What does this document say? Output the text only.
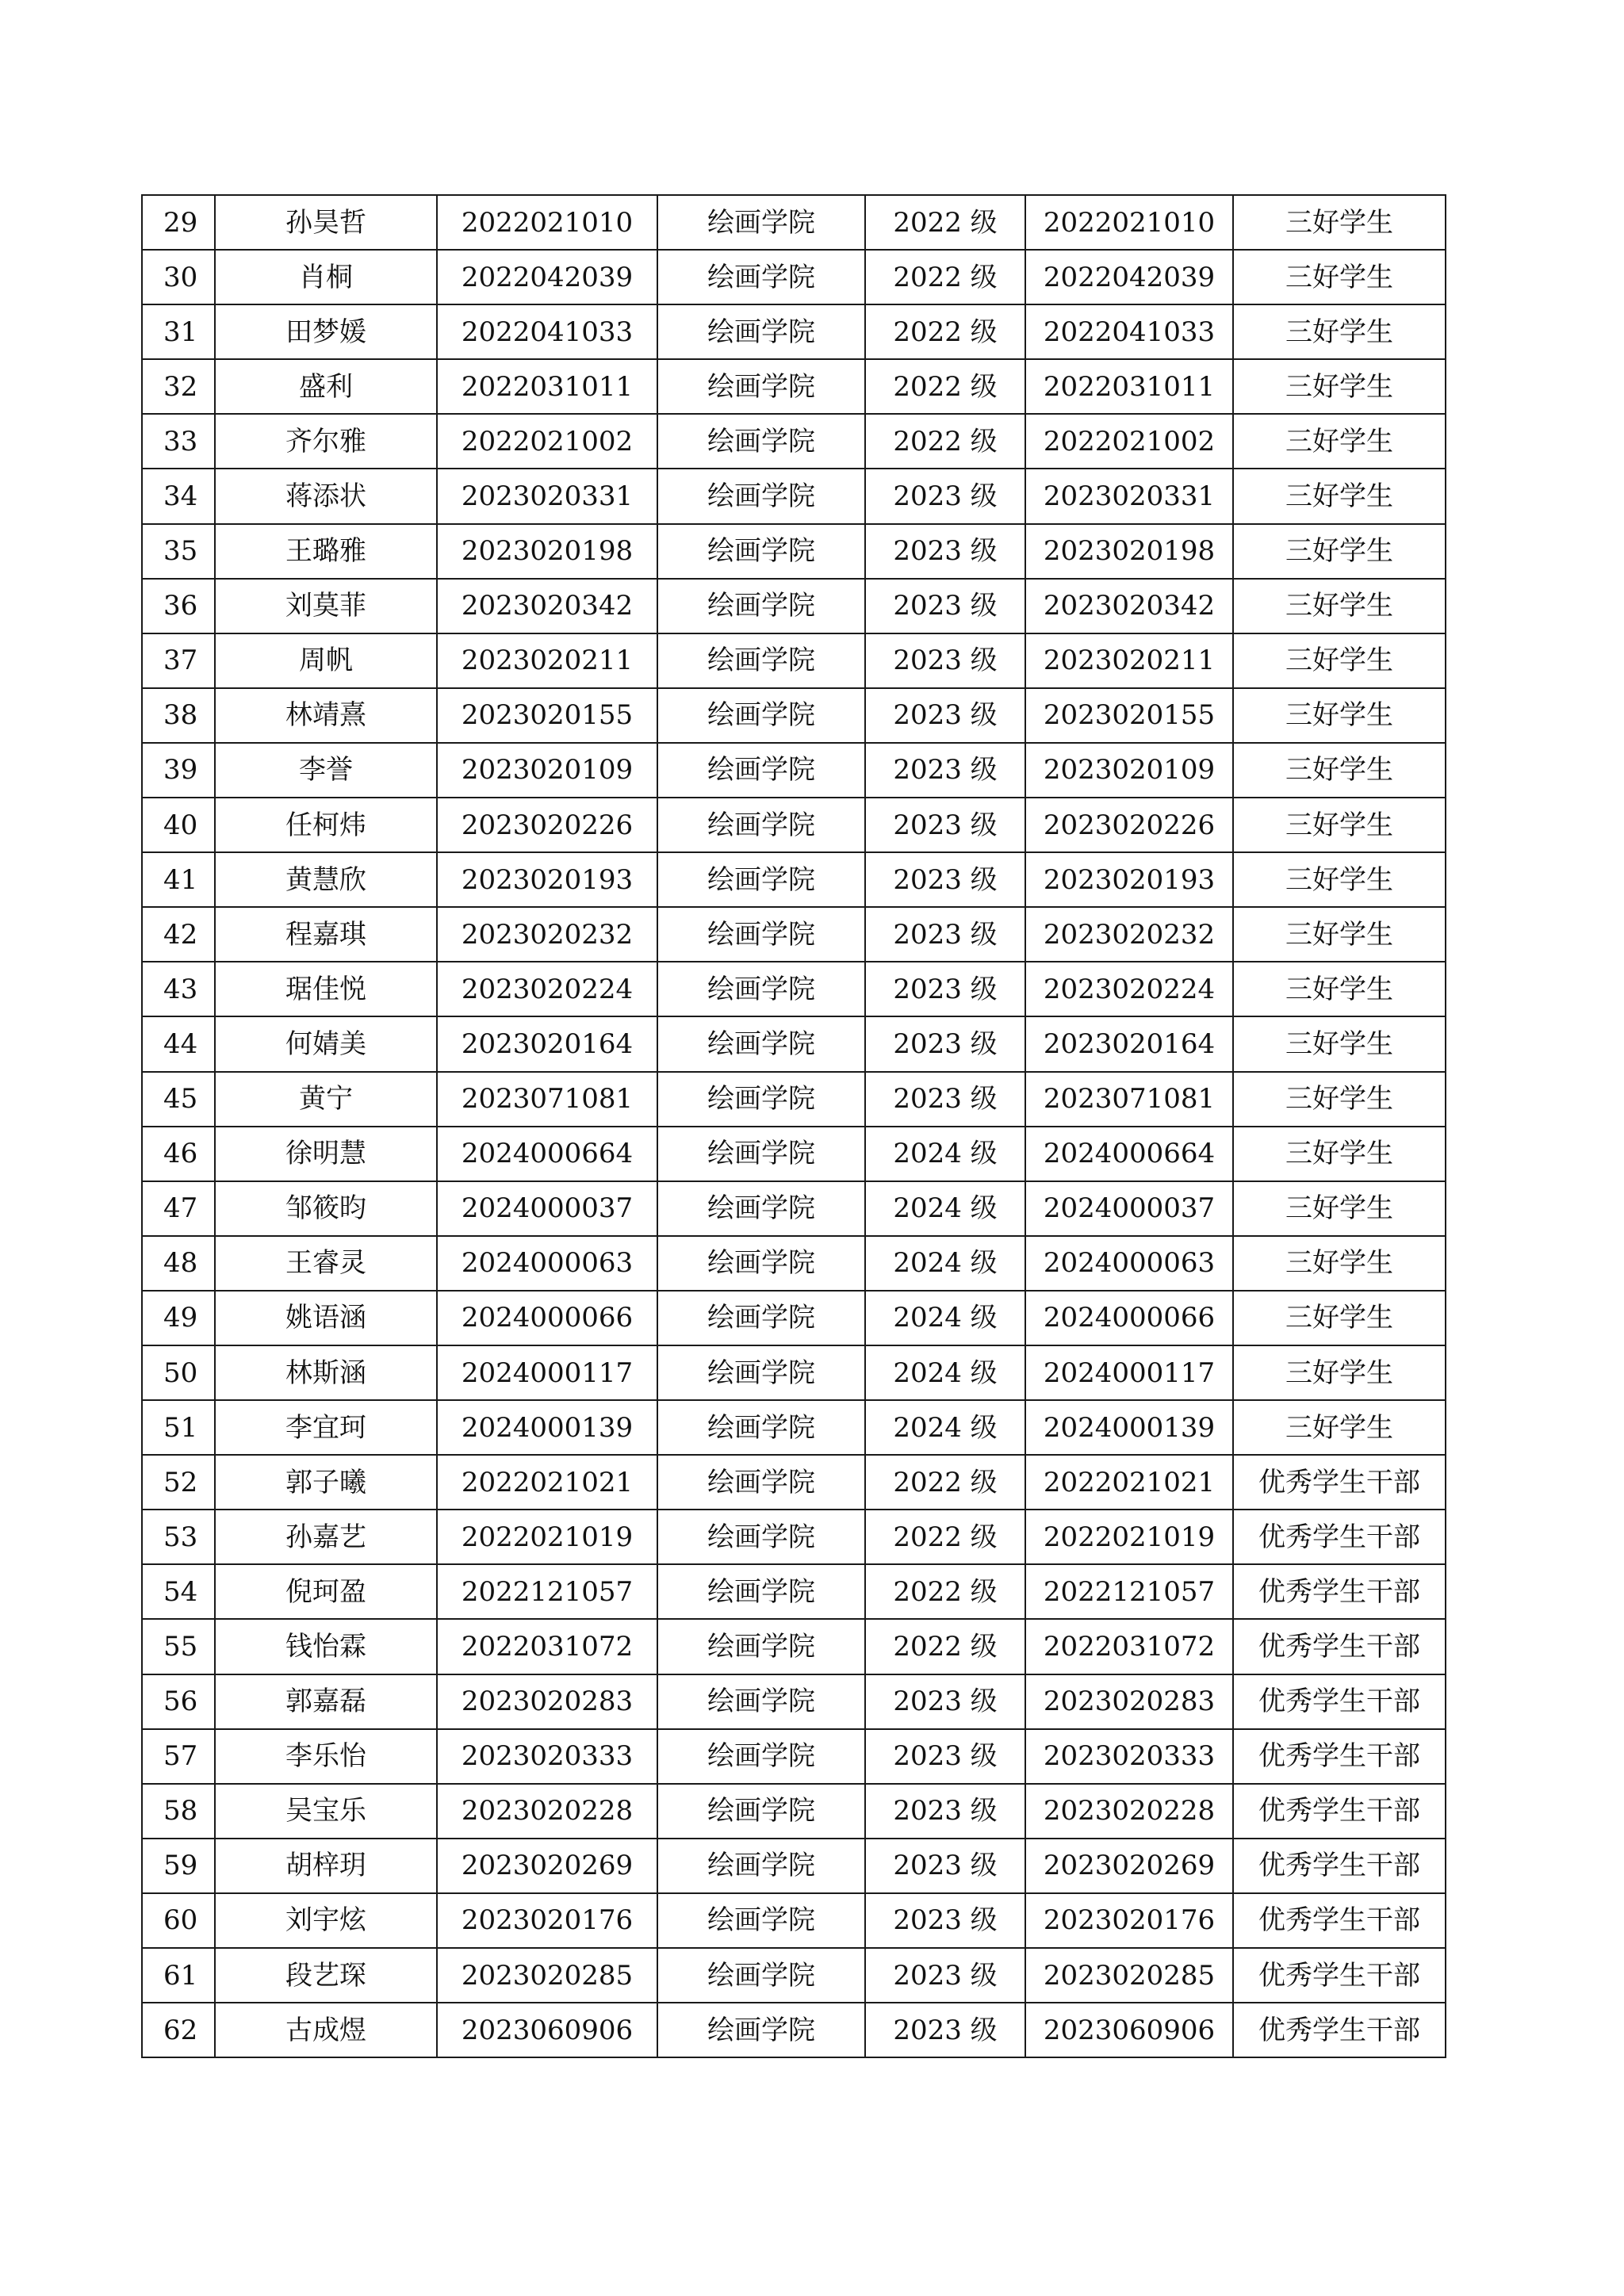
29	孙昊哲	2022021010	绘画学院	2022 级	2022021010	三好学生
30	肖桐	2022042039	绘画学院	2022 级	2022042039	三好学生
31	田梦媛	2022041033	绘画学院	2022 级	2022041033	三好学生
32	盛利	2022031011	绘画学院	2022 级	2022031011	三好学生
33	齐尔雅	2022021002	绘画学院	2022 级	2022021002	三好学生
34	蒋添状	2023020331	绘画学院	2023 级	2023020331	三好学生
35	王璐雅	2023020198	绘画学院	2023 级	2023020198	三好学生
36	刘莫菲	2023020342	绘画学院	2023 级	2023020342	三好学生
37	周帆	2023020211	绘画学院	2023 级	2023020211	三好学生
38	林靖熹	2023020155	绘画学院	2023 级	2023020155	三好学生
39	李誉	2023020109	绘画学院	2023 级	2023020109	三好学生
40	任柯炜	2023020226	绘画学院	2023 级	2023020226	三好学生
41	黄慧欣	2023020193	绘画学院	2023 级	2023020193	三好学生
42	程嘉琪	2023020232	绘画学院	2023 级	2023020232	三好学生
43	琚佳悦	2023020224	绘画学院	2023 级	2023020224	三好学生
44	何婧美	2023020164	绘画学院	2023 级	2023020164	三好学生
45	黄宁	2023071081	绘画学院	2023 级	2023071081	三好学生
46	徐明慧	2024000664	绘画学院	2024 级	2024000664	三好学生
47	邹筱昀	2024000037	绘画学院	2024 级	2024000037	三好学生
48	王睿灵	2024000063	绘画学院	2024 级	2024000063	三好学生
49	姚语涵	2024000066	绘画学院	2024 级	2024000066	三好学生
50	林斯涵	2024000117	绘画学院	2024 级	2024000117	三好学生
51	李宜珂	2024000139	绘画学院	2024 级	2024000139	三好学生
52	郭子曦	2022021021	绘画学院	2022 级	2022021021	优秀学生干部
53	孙嘉艺	2022021019	绘画学院	2022 级	2022021019	优秀学生干部
54	倪珂盈	2022121057	绘画学院	2022 级	2022121057	优秀学生干部
55	钱怡霖	2022031072	绘画学院	2022 级	2022031072	优秀学生干部
56	郭嘉磊	2023020283	绘画学院	2023 级	2023020283	优秀学生干部
57	李乐怡	2023020333	绘画学院	2023 级	2023020333	优秀学生干部
58	吴宝乐	2023020228	绘画学院	2023 级	2023020228	优秀学生干部
59	胡梓玥	2023020269	绘画学院	2023 级	2023020269	优秀学生干部
60	刘宇炫	2023020176	绘画学院	2023 级	2023020176	优秀学生干部
61	段艺琛	2023020285	绘画学院	2023 级	2023020285	优秀学生干部
62	古成煜	2023060906	绘画学院	2023 级	2023060906	优秀学生干部
